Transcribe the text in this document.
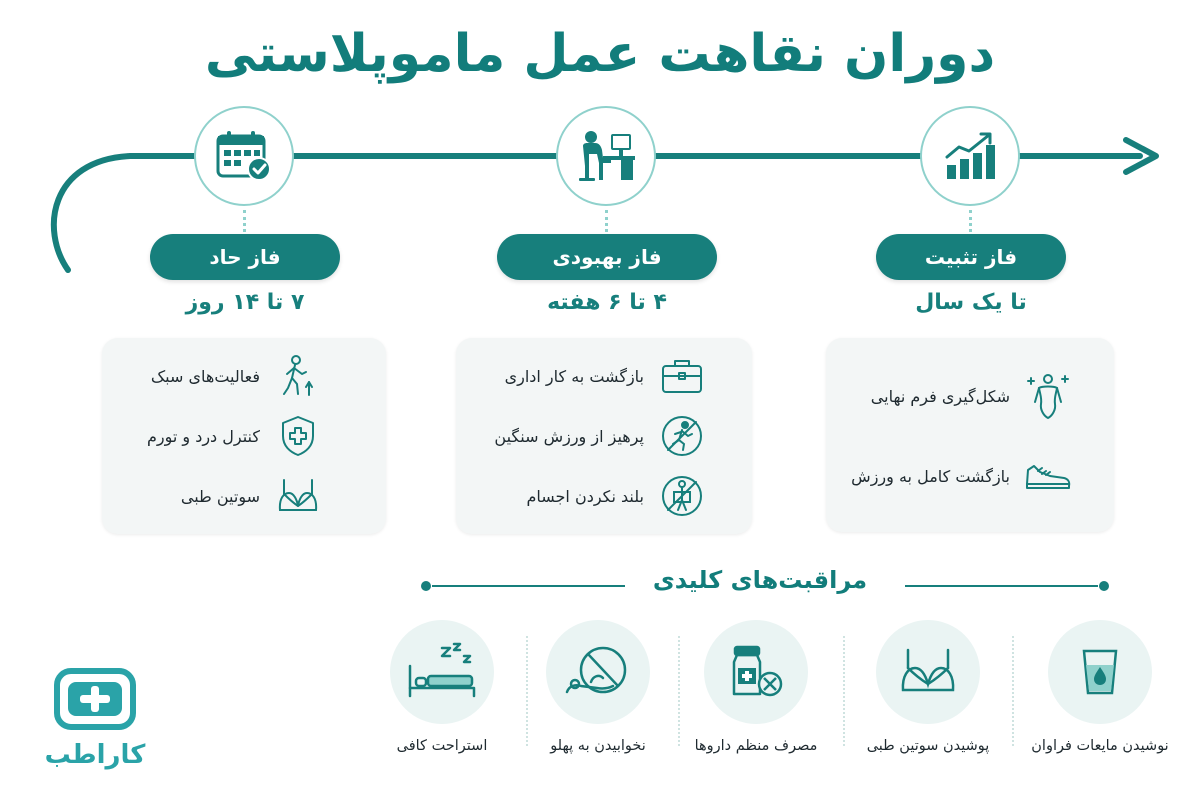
دوران نقاهت عمل ماموپلاستی
فاز حاد
۷ تا ۱۴ روز
فعالیت‌های سبک
کنترل درد و تورم
سوتین طبی
فاز بهبودی
۴ تا ۶ هفته
بازگشت به کار اداری
پرهیز از ورزش سنگین
بلند نکردن اجسام
فاز تثبیت
تا یک سال
شکل‌گیری فرم نهایی
بازگشت کامل به ورزش
مراقبت‌های کلیدی
نوشیدن مایعات فراوان
پوشیدن سوتین طبی
مصرف منظم داروها
نخوابیدن به پهلو
استراحت کافی
کاراطب
